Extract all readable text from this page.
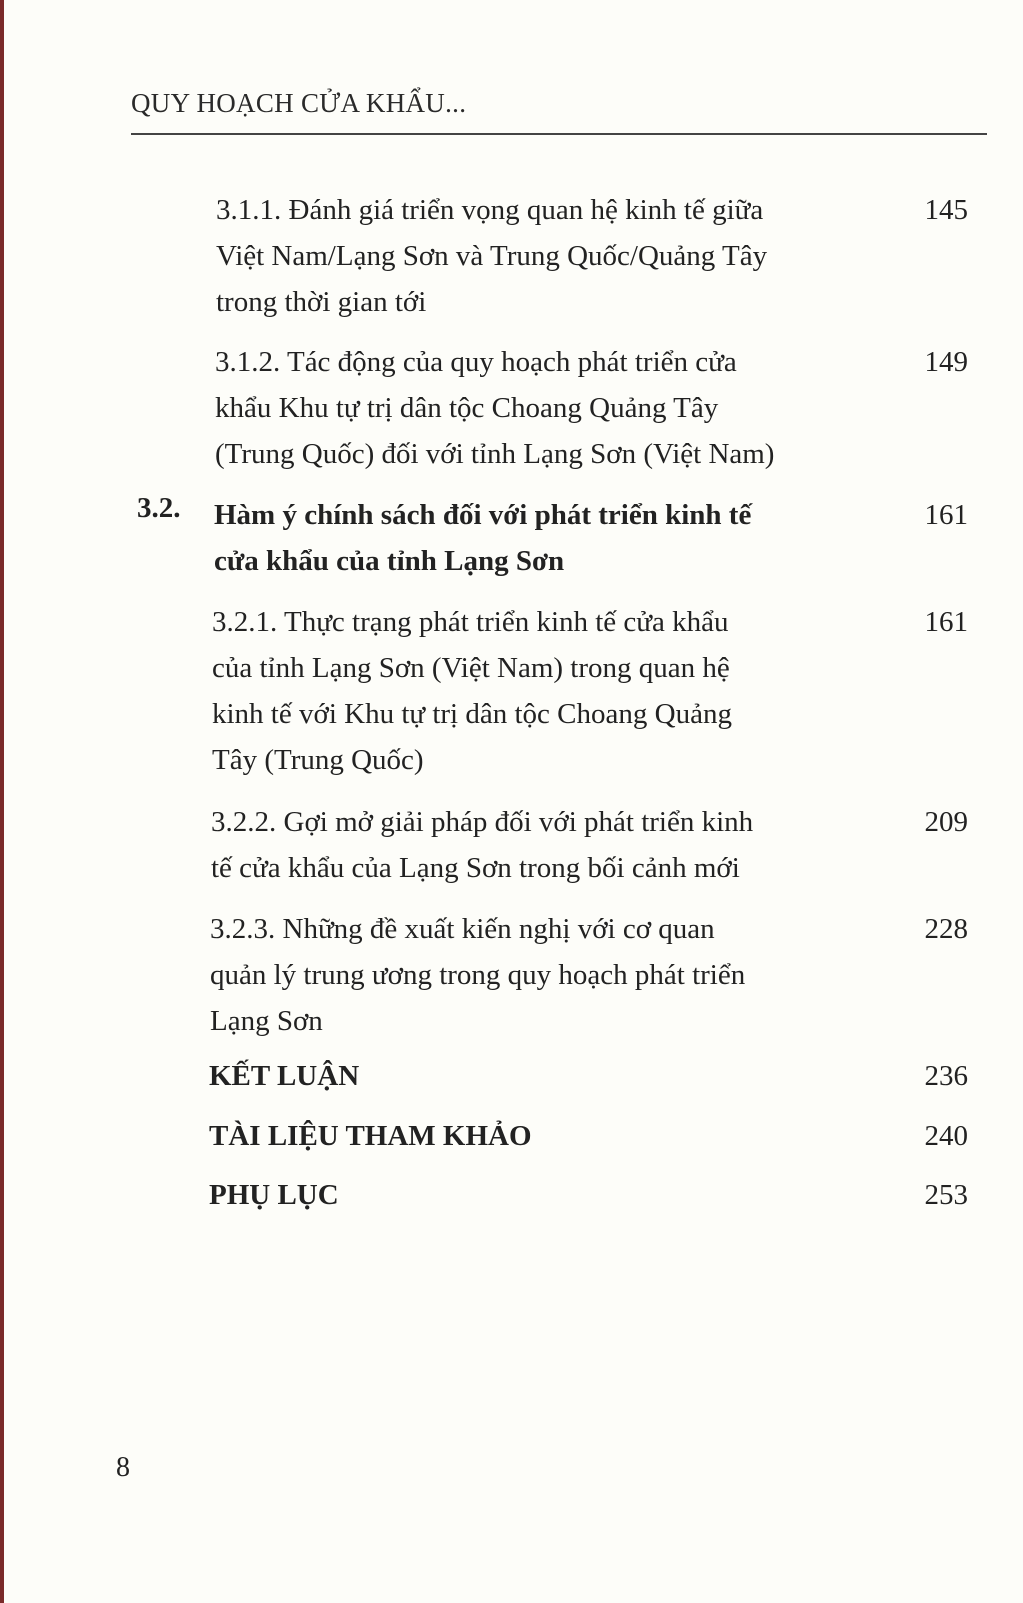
QUY HOẠCH CỬA KHẨU...
3.1.1. Đánh giá triển vọng quan hệ kinh tế giữa
Việt Nam/Lạng Sơn và Trung Quốc/Quảng Tây
trong thời gian tới
145
3.1.2. Tác động của quy hoạch phát triển cửa
khẩu Khu tự trị dân tộc Choang Quảng Tây
(Trung Quốc) đối với tỉnh Lạng Sơn (Việt Nam)
149
3.2. Hàm ý chính sách đối với phát triển kinh tế
cửa khẩu của tỉnh Lạng Sơn
161
3.2.1. Thực trạng phát triển kinh tế cửa khẩu
của tỉnh Lạng Sơn (Việt Nam) trong quan hệ
kinh tế với Khu tự trị dân tộc Choang Quảng
Tây (Trung Quốc)
161
3.2.2. Gợi mở giải pháp đối với phát triển kinh
tế cửa khẩu của Lạng Sơn trong bối cảnh mới
209
3.2.3. Những đề xuất kiến nghị với cơ quan
quản lý trung ương trong quy hoạch phát triển
Lạng Sơn
228
KẾT LUẬN	236
TÀI LIỆU THAM KHẢO	240
PHỤ LỤC	253
8
